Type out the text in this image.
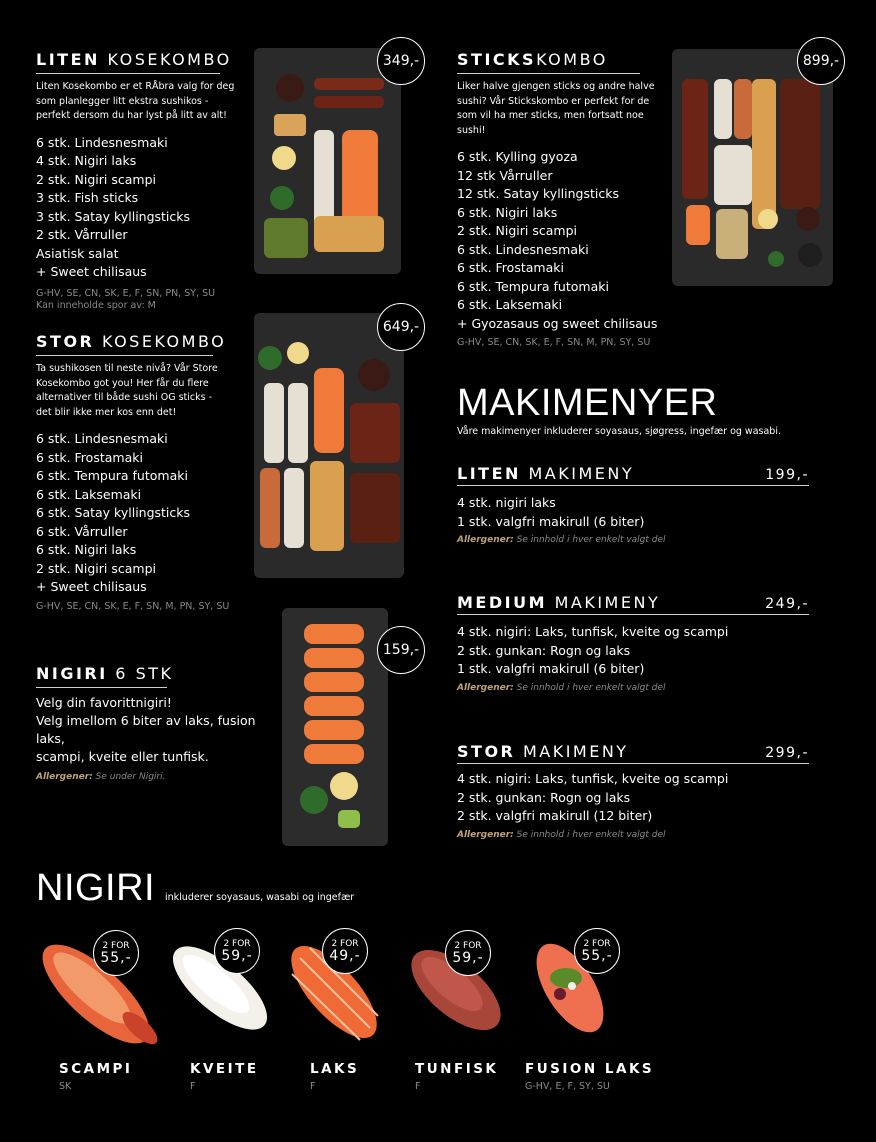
LITEN KOSEKOMBO
Liten Kosekombo er et RÅbra valg for deg som planlegger litt ekstra sushikos - perfekt dersom du har lyst på litt av alt!
6 stk. Lindesnesmaki
4 stk. Nigiri laks
2 stk. Nigiri scampi
3 stk. Fish sticks
3 stk. Satay kyllingsticks
2 stk. Vårruller
Asiatisk salat
+ Sweet chilisaus
G-HV, SE, CN, SK, E, F, SN, PN, SY, SU
Kan inneholde spor av: M
349,-
STOR KOSEKOMBO
Ta sushikosen til neste nivå? Vår Store Kosekombo got you! Her får du flere alternativer til både sushi OG sticks - det blir ikke mer kos enn det!
6 stk. Lindesnesmaki
6 stk. Frostamaki
6 stk. Tempura futomaki
6 stk. Laksemaki
6 stk. Satay kyllingsticks
6 stk. Vårruller
6 stk. Nigiri laks
2 stk. Nigiri scampi
+ Sweet chilisaus
G-HV, SE, CN, SK, E, F, SN, M, PN, SY, SU
649,-
NIGIRI 6 STK
Velg din favorittnigiri!
Velg imellom 6 biter av laks, fusion laks,
scampi, kveite eller tunfisk.
Allergener: Se under Nigiri.
159,-
STICKSKOMBO
Liker halve gjengen sticks og andre halve sushi? Vår Stickskombo er perfekt for de som vil ha mer sticks, men fortsatt noe sushi!
6 stk. Kylling gyoza
12 stk Vårruller
12 stk. Satay kyllingsticks
6 stk. Nigiri laks
2 stk. Nigiri scampi
6 stk. Lindesnesmaki
6 stk. Frostamaki
6 stk. Tempura futomaki
6 stk. Laksemaki
+ Gyozasaus og sweet chilisaus
G-HV, SE, CN, SK, E, F, SN, M, PN, SY, SU
899,-
MAKIMENYER
Våre makimenyer inkluderer soyasaus, sjøgress, ingefær og wasabi.
LITEN MAKIMENY	199,-
4 stk. nigiri laks
1 stk. valgfri makirull (6 biter)
Allergener: Se innhold i hver enkelt valgt del
MEDIUM MAKIMENY	249,-
4 stk. nigiri: Laks, tunfisk, kveite og scampi
2 stk. gunkan: Rogn og laks
1 stk. valgfri makirull (6 biter)
Allergener: Se innhold i hver enkelt valgt del
STOR MAKIMENY	299,-
4 stk. nigiri: Laks, tunfisk, kveite og scampi
2 stk. gunkan: Rogn og laks
2 stk. valgfri makirull (12 biter)
Allergener: Se innhold i hver enkelt valgt del
NIGIRI inkluderer soyasaus, wasabi og ingefær
2 FOR
55,-
SCAMPI
SK
2 FOR
59,-
KVEITE
F
2 FOR
49,-
LAKS
F
2 FOR
59,-
TUNFISK
F
2 FOR
55,-
FUSION LAKS
G-HV, E, F, SY, SU
